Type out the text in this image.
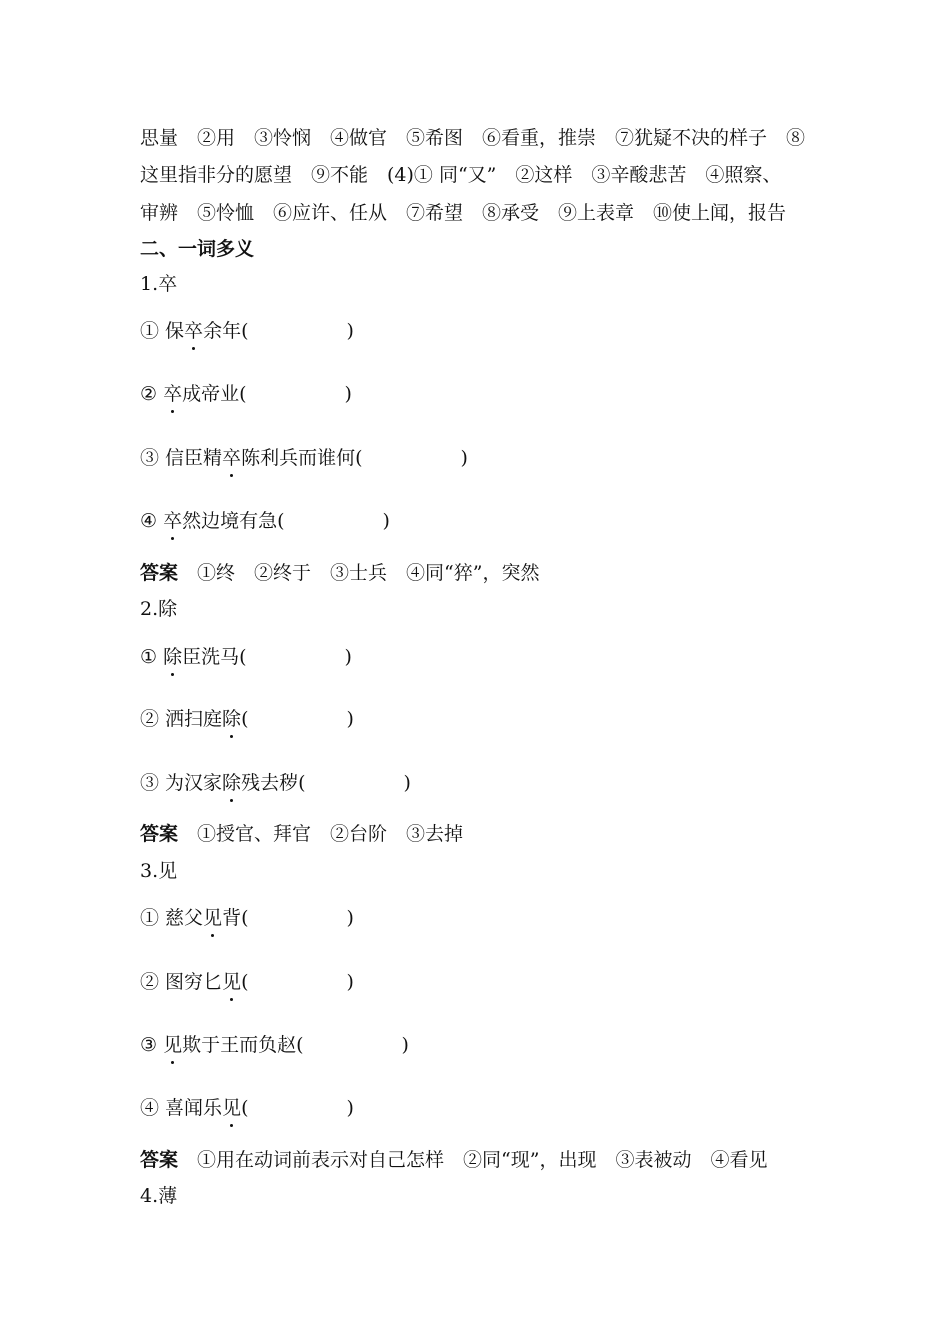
思量　②用　③怜悯　④做官　⑤希图　⑥看重，推崇　⑦犹疑不决的样子　⑧
这里指非分的愿望　⑨不能　(4)① 同“又”　②这样　③辛酸悲苦　④照察、
审辨　⑤怜恤　⑥应许、任从　⑦希望　⑧承受　⑨上表章　⑩使上闻，报告
二、一词多义
1.卒
① 保卒余年(	)
② 卒成帝业(	)
③ 信臣精卒陈利兵而谁何(	)
④ 卒然边境有急(	)
答案　①终　②终于　③士兵　④同“猝”，突然
2.除
① 除臣洗马(	)
② 洒扫庭除(	)
③ 为汉家除残去秽(	)
答案　①授官、拜官　②台阶　③去掉
3.见
① 慈父见背(	)
② 图穷匕见(	)
③ 见欺于王而负赵(	)
④ 喜闻乐见(	)
答案　①用在动词前表示对自己怎样　②同“现”，出现　③表被动　④看见
4.薄
